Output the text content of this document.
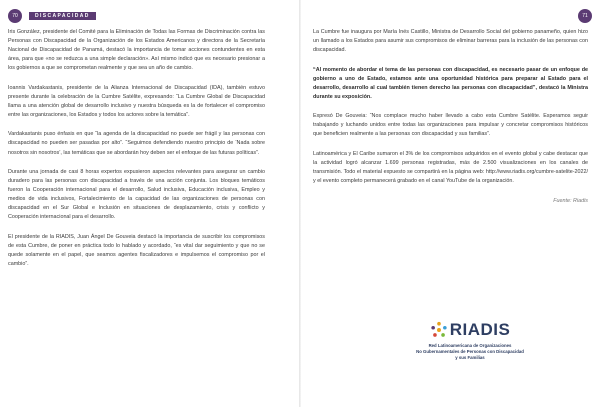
70	DISCAPACIDAD

Iris González, presidente del Comité para la Eliminación de Todas las Formas de Discriminación contra las Personas con Discapacidad de la Organización de los Estados Americanos y directora de la Secretaría Nacional de Discapacidad de Panamá, destacó la importancia de tomar acciones contundentes en esta área, para que «no se reduzca a una simple declaración». Así mismo indicó que es necesario presionar a los gobiernos a que se comprometan realmente y que sea un año de cambio.

Ioannis Vardakastanis, presidente de la Alianza Internacional de Discapacidad (IDA), también estuvo presente durante la celebración de la Cumbre Satélite, expresando: “La Cumbre Global de Discapacidad llama a una atención global de desarrollo inclusivo y nuestra búsqueda es la de fortalecer el compromiso entre las organizaciones, los Estados y todos los actores sobre la temática”.

Vardakastanis puso énfasis en que “la agenda de la discapacidad no puede ser frágil y las personas con discapacidad no pueden ser pasadas por alto”. “Seguimos defendiendo nuestro principio de ‘Nada sobre nosotros sin nosotros’, las temáticas que se abordarán hoy deben ser el enfoque de las futuras políticas”.

Durante una jornada de casi 8 horas expertos expusieron aspectos relevantes para asegurar un cambio duradero para las personas con discapacidad a través de una acción conjunta. Los bloques temáticos fueron la Cooperación internacional para el desarrollo, Salud inclusiva, Educación inclusiva, Empleo y medios de vida inclusivos, Fortalecimiento de la capacidad de las organizaciones de personas con discapacidad en el Sur Global e Inclusión en situaciones de desplazamiento, crisis y conflicto y Cooperación internacional para el desarrollo.

El presidente de la RIADIS, Juan Ángel De Gouveia destacó la importancia de suscribir los compromisos de esta Cumbre, de poner en práctica todo lo hablado y acordado, “es vital dar seguimiento y que no se quede solamente en el papel, que seamos agentes fiscalizadores e impulsemos el compromiso por el cambio”.

71

La Cumbre fue inaugura por María Inés Castillo, Ministra de Desarrollo Social del gobierno panameño, quien hizo un llamado a los Estados para asumir sus compromisos de eliminar barreras para la inclusión de las personas con discapacidad.

“Al momento de abordar el tema de las personas con discapacidad, es necesario pasar de un enfoque de gobierno a uno de Estado, estamos ante una oportunidad histórica para preparar al Estado para el desarrollo, desarrollo al cual también tienen derecho las personas con discapacidad”, destacó la Ministra durante su exposición.

Expresó De Gouveia: “Nos complace mucho haber llevado a cabo esta Cumbre Satélite. Esperamos seguir trabajando y luchando unidos entre todas las organizaciones para impulsar y concretar compromisos históricos que beneficien realmente a las personas con discapacidad y sus familias”.

Latinoamérica y El Caribe sumaron el 3% de los compromisos adquiridos en el evento global y cabe destacar que la actividad logró alcanzar 1.699 personas registradas, más de 2.500 visualizaciones en los canales de transmisión. Todo el material expuesto se compartirá en la página web: http://www.riadis.org/cumbre-satelite-2022/ y el evento completo permanecerá grabado en el canal YouTube de la organización.

Fuente: Riadis

RIADIS
Red Latinoamericana de Organizaciones
No Gubernamentales de Personas con Discapacidad
y sus Familias
